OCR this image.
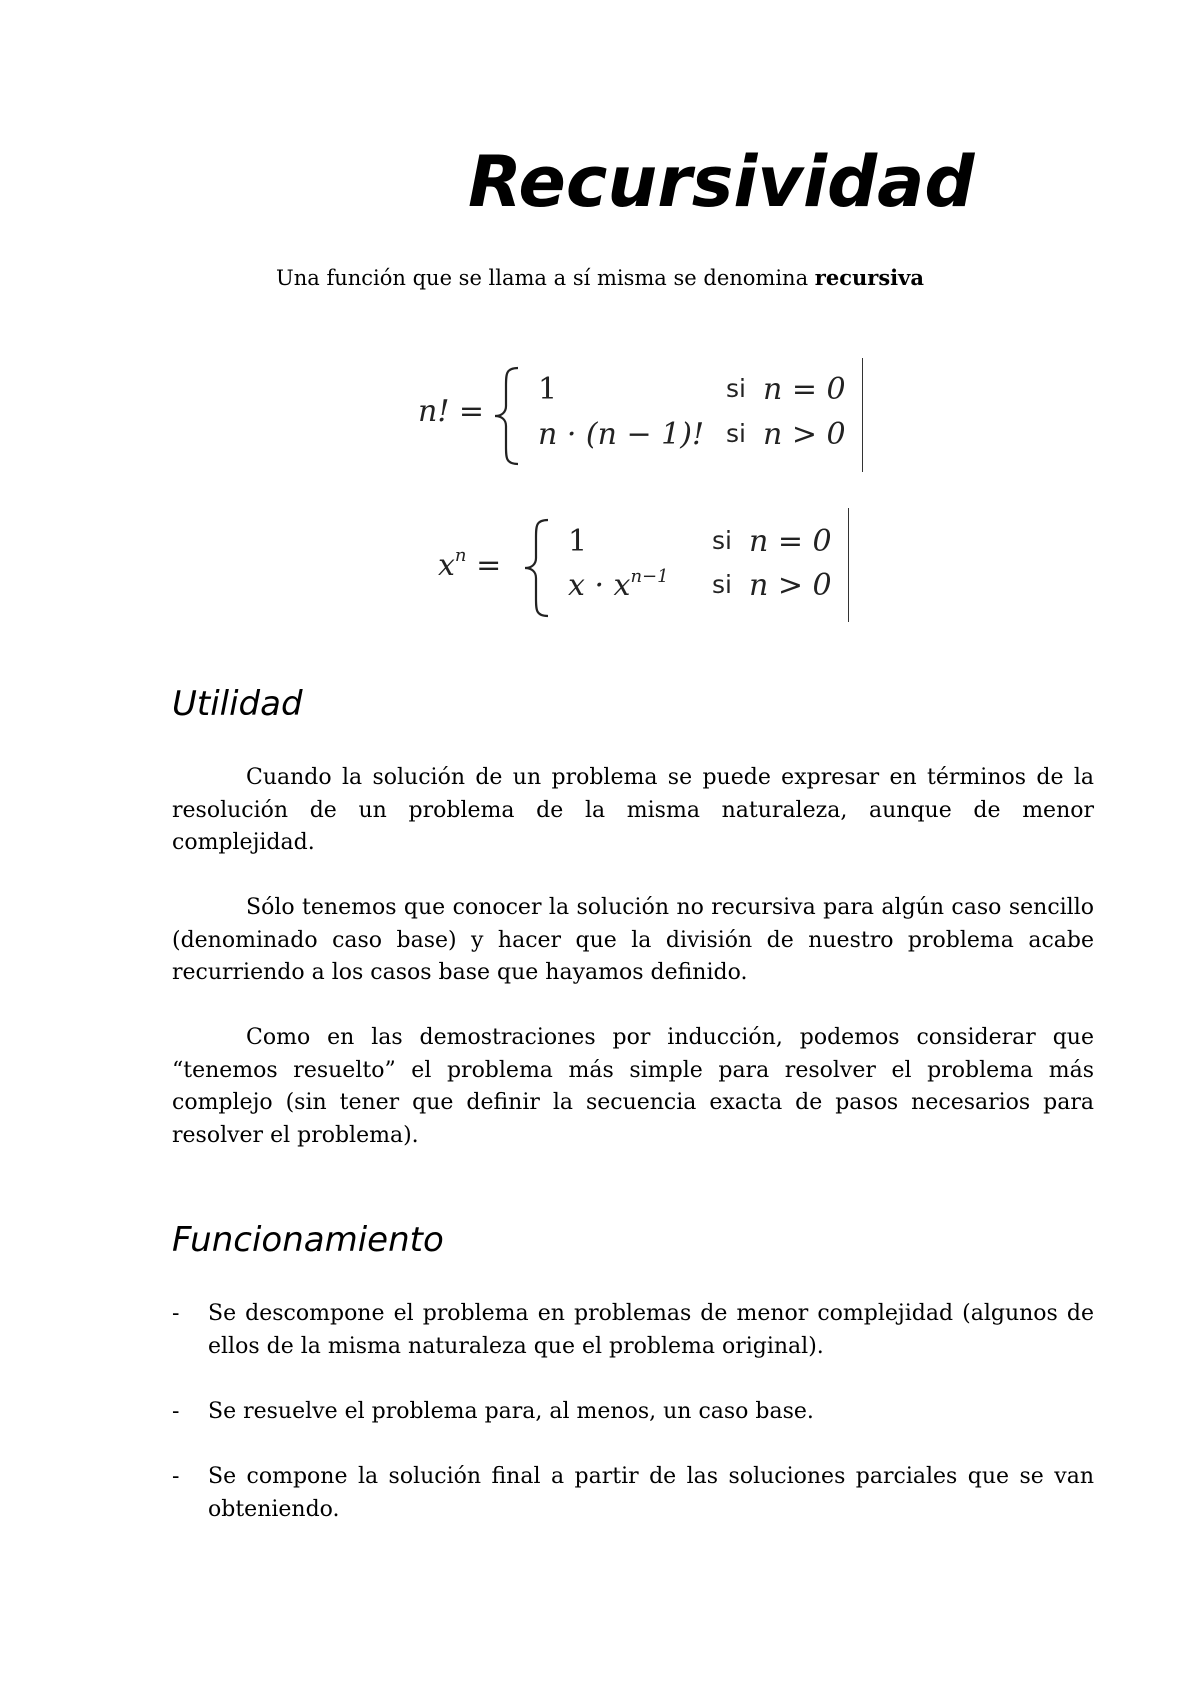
Recursividad

Una función que se llama a sí misma se denomina recursiva

n! =
1	si n = 0
n · (n − 1)! si n > 0
$x^n$ =
1	si n = 0
$x \cdot x^{n-1}$ si n > 0
Utilidad

Cuando la solución de un problema se puede expresar en términos de la resolución de un problema de la misma naturaleza, aunque de menor complejidad.

Sólo tenemos que conocer la solución no recursiva para algún caso sencillo (denominado caso base) y hacer que la división de nuestro problema acabe recurriendo a los casos base que hayamos definido.

Como en las demostraciones por inducción, podemos considerar que “tenemos resuelto” el problema más simple para resolver el problema más complejo (sin tener que definir la secuencia exacta de pasos necesarios para resolver el problema).

Funcionamiento
- Se descompone el problema en problemas de menor complejidad (algunos de ellos de la misma naturaleza que el problema original).
- Se resuelve el problema para, al menos, un caso base.
- Se compone la solución final a partir de las soluciones parciales que se van obteniendo.
